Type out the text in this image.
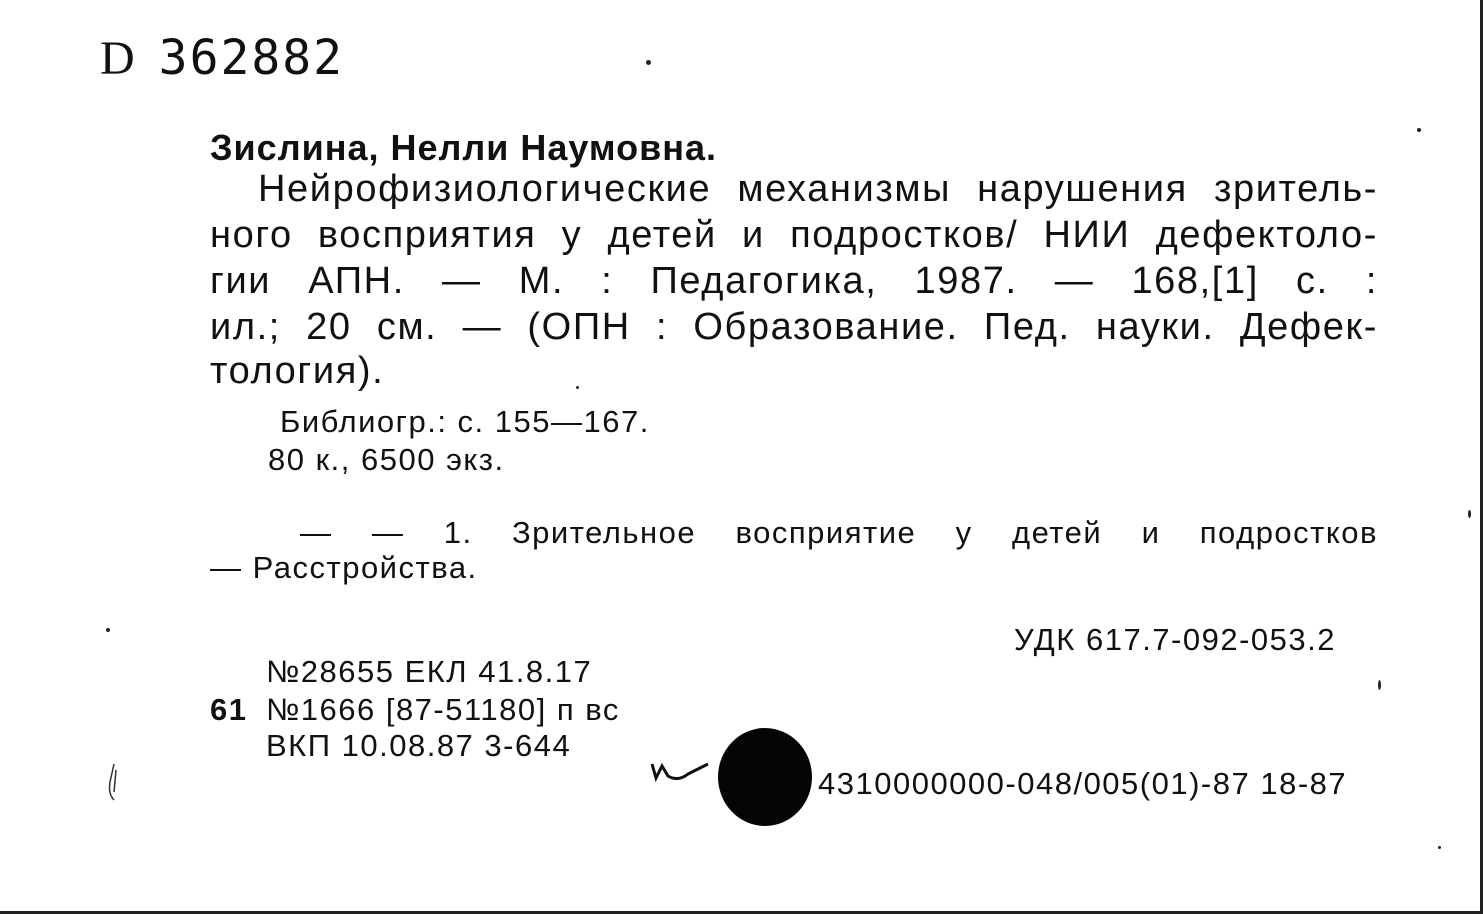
D 362882
Зислина, Нелли Наумовна.
Нейрофизиологические механизмы нарушения зритель-
ного восприятия у детей и подростков/ НИИ дефектоло-
гии АПН. — М. : Педагогика, 1987. — 168,[1] с. :
ил.; 20 см. — (ОПН : Образование. Пед. науки. Дефек-
тология).
Библиогр.: с. 155—167.
80 к., 6500 экз.
— — 1. Зрительное восприятие у детей и подростков
— Расстройства.
УДК 617.7-092-053.2
№28655 ЕКЛ 41.8.17
61 №1666 [87-51180] п вс
ВКП 10.08.87 3-644
4310000000-048/005(01)-87 18-87
